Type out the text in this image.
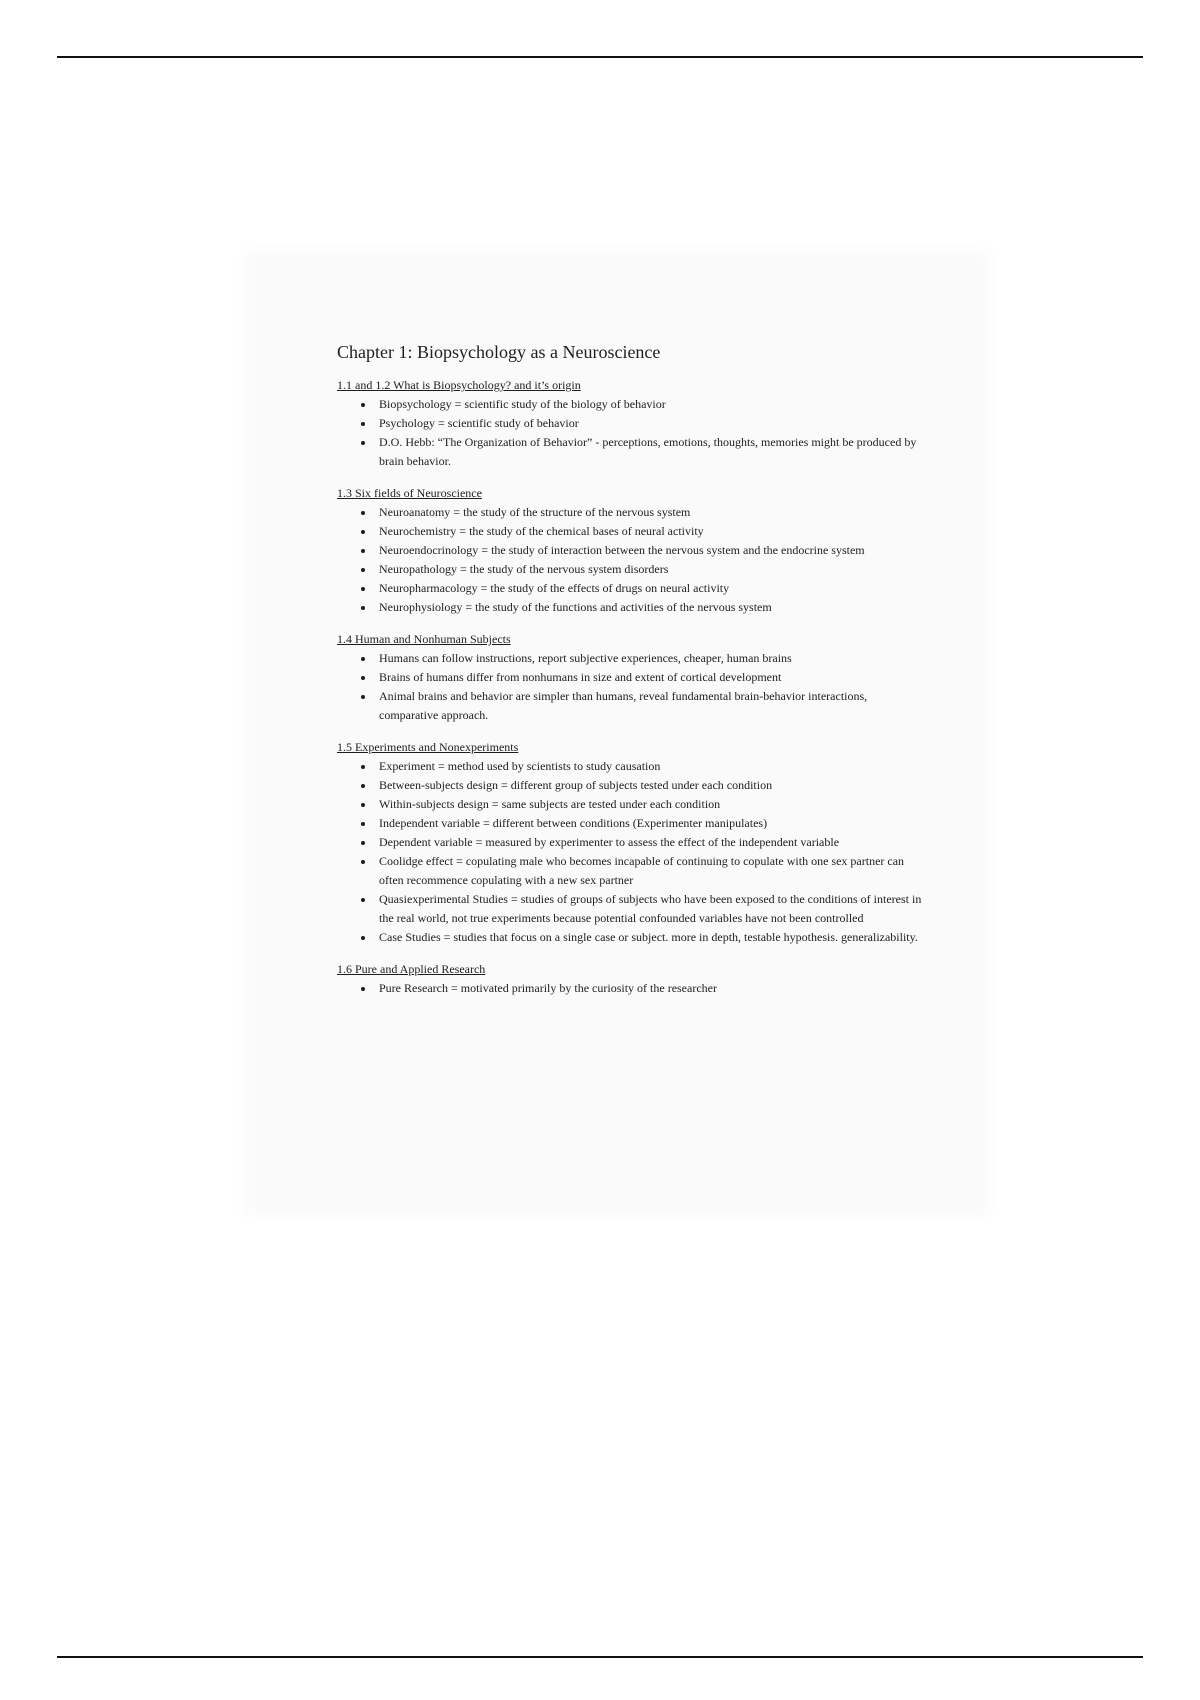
Chapter 1: Biopsychology as a Neuroscience
1.1 and 1.2 What is Biopsychology? and it’s origin
Biopsychology = scientific study of the biology of behavior
Psychology = scientific study of behavior
D.O. Hebb: “The Organization of Behavior” - perceptions, emotions, thoughts, memories might be produced by brain behavior.
1.3 Six fields of Neuroscience
Neuroanatomy = the study of the structure of the nervous system
Neurochemistry = the study of the chemical bases of neural activity
Neuroendocrinology = the study of interaction between the nervous system and the endocrine system
Neuropathology = the study of the nervous system disorders
Neuropharmacology = the study of the effects of drugs on neural activity
Neurophysiology = the study of the functions and activities of the nervous system
1.4 Human and Nonhuman Subjects
Humans can follow instructions, report subjective experiences, cheaper, human brains
Brains of humans differ from nonhumans in size and extent of cortical development
Animal brains and behavior are simpler than humans, reveal fundamental brain-behavior interactions, comparative approach.
1.5 Experiments and Nonexperiments
Experiment = method used by scientists to study causation
Between-subjects design = different group of subjects tested under each condition
Within-subjects design = same subjects are tested under each condition
Independent variable = different between conditions (Experimenter manipulates)
Dependent variable = measured by experimenter to assess the effect of the independent variable
Coolidge effect = copulating male who becomes incapable of continuing to copulate with one sex partner can often recommence copulating with a new sex partner
Quasiexperimental Studies = studies of groups of subjects who have been exposed to the conditions of interest in the real world, not true experiments because potential confounded variables have not been controlled
Case Studies = studies that focus on a single case or subject. more in depth, testable hypothesis. generalizability.
1.6 Pure and Applied Research
Pure Research = motivated primarily by the curiosity of the researcher
